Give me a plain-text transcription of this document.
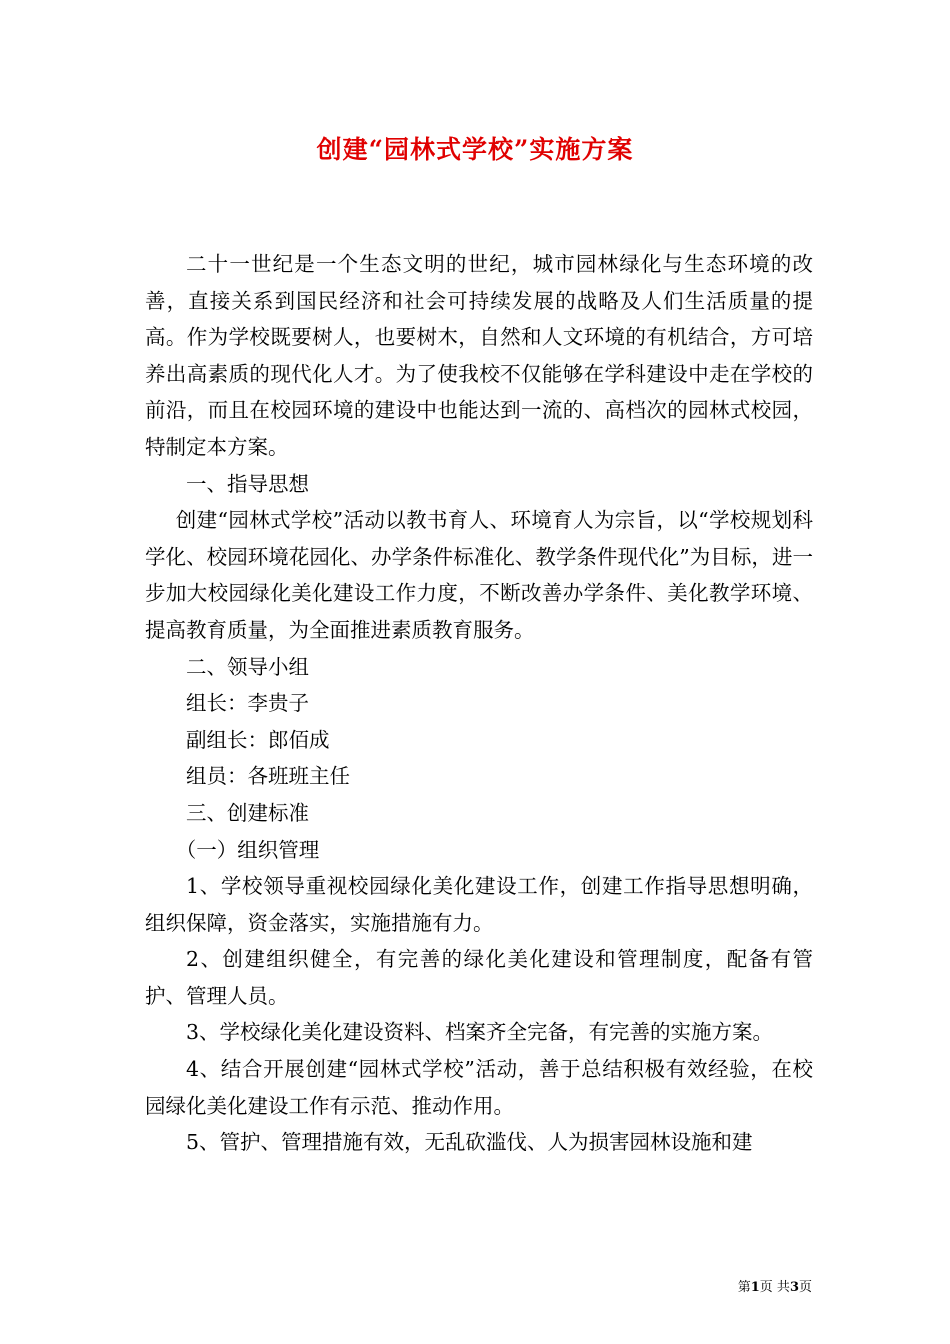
创建“园林式学校”实施方案

二十一世纪是一个生态文明的世纪，城市园林绿化与生态环境的改善，直接关系到国民经济和社会可持续发展的战略及人们生活质量的提高。作为学校既要树人，也要树木，自然和人文环境的有机结合，方可培养出高素质的现代化人才。为了使我校不仅能够在学科建设中走在学校的前沿，而且在校园环境的建设中也能达到一流的、高档次的园林式校园，特制定本方案。

一、指导思想

创建“园林式学校”活动以教书育人、环境育人为宗旨，以“学校规划科学化、校园环境花园化、办学条件标准化、教学条件现代化”为目标，进一步加大校园绿化美化建设工作力度，不断改善办学条件、美化教学环境、提高教育质量，为全面推进素质教育服务。

二、领导小组

组长：李贵子

副组长：郎佰成

组员：各班班主任

三、创建标准

（一）组织管理

1、学校领导重视校园绿化美化建设工作，创建工作指导思想明确，组织保障，资金落实，实施措施有力。

2、创建组织健全，有完善的绿化美化建设和管理制度，配备有管护、管理人员。

3、学校绿化美化建设资料、档案齐全完备，有完善的实施方案。

4、结合开展创建“园林式学校”活动，善于总结积极有效经验，在校园绿化美化建设工作有示范、推动作用。

5、管护、管理措施有效，无乱砍滥伐、人为损害园林设施和建

第1页 共3页
